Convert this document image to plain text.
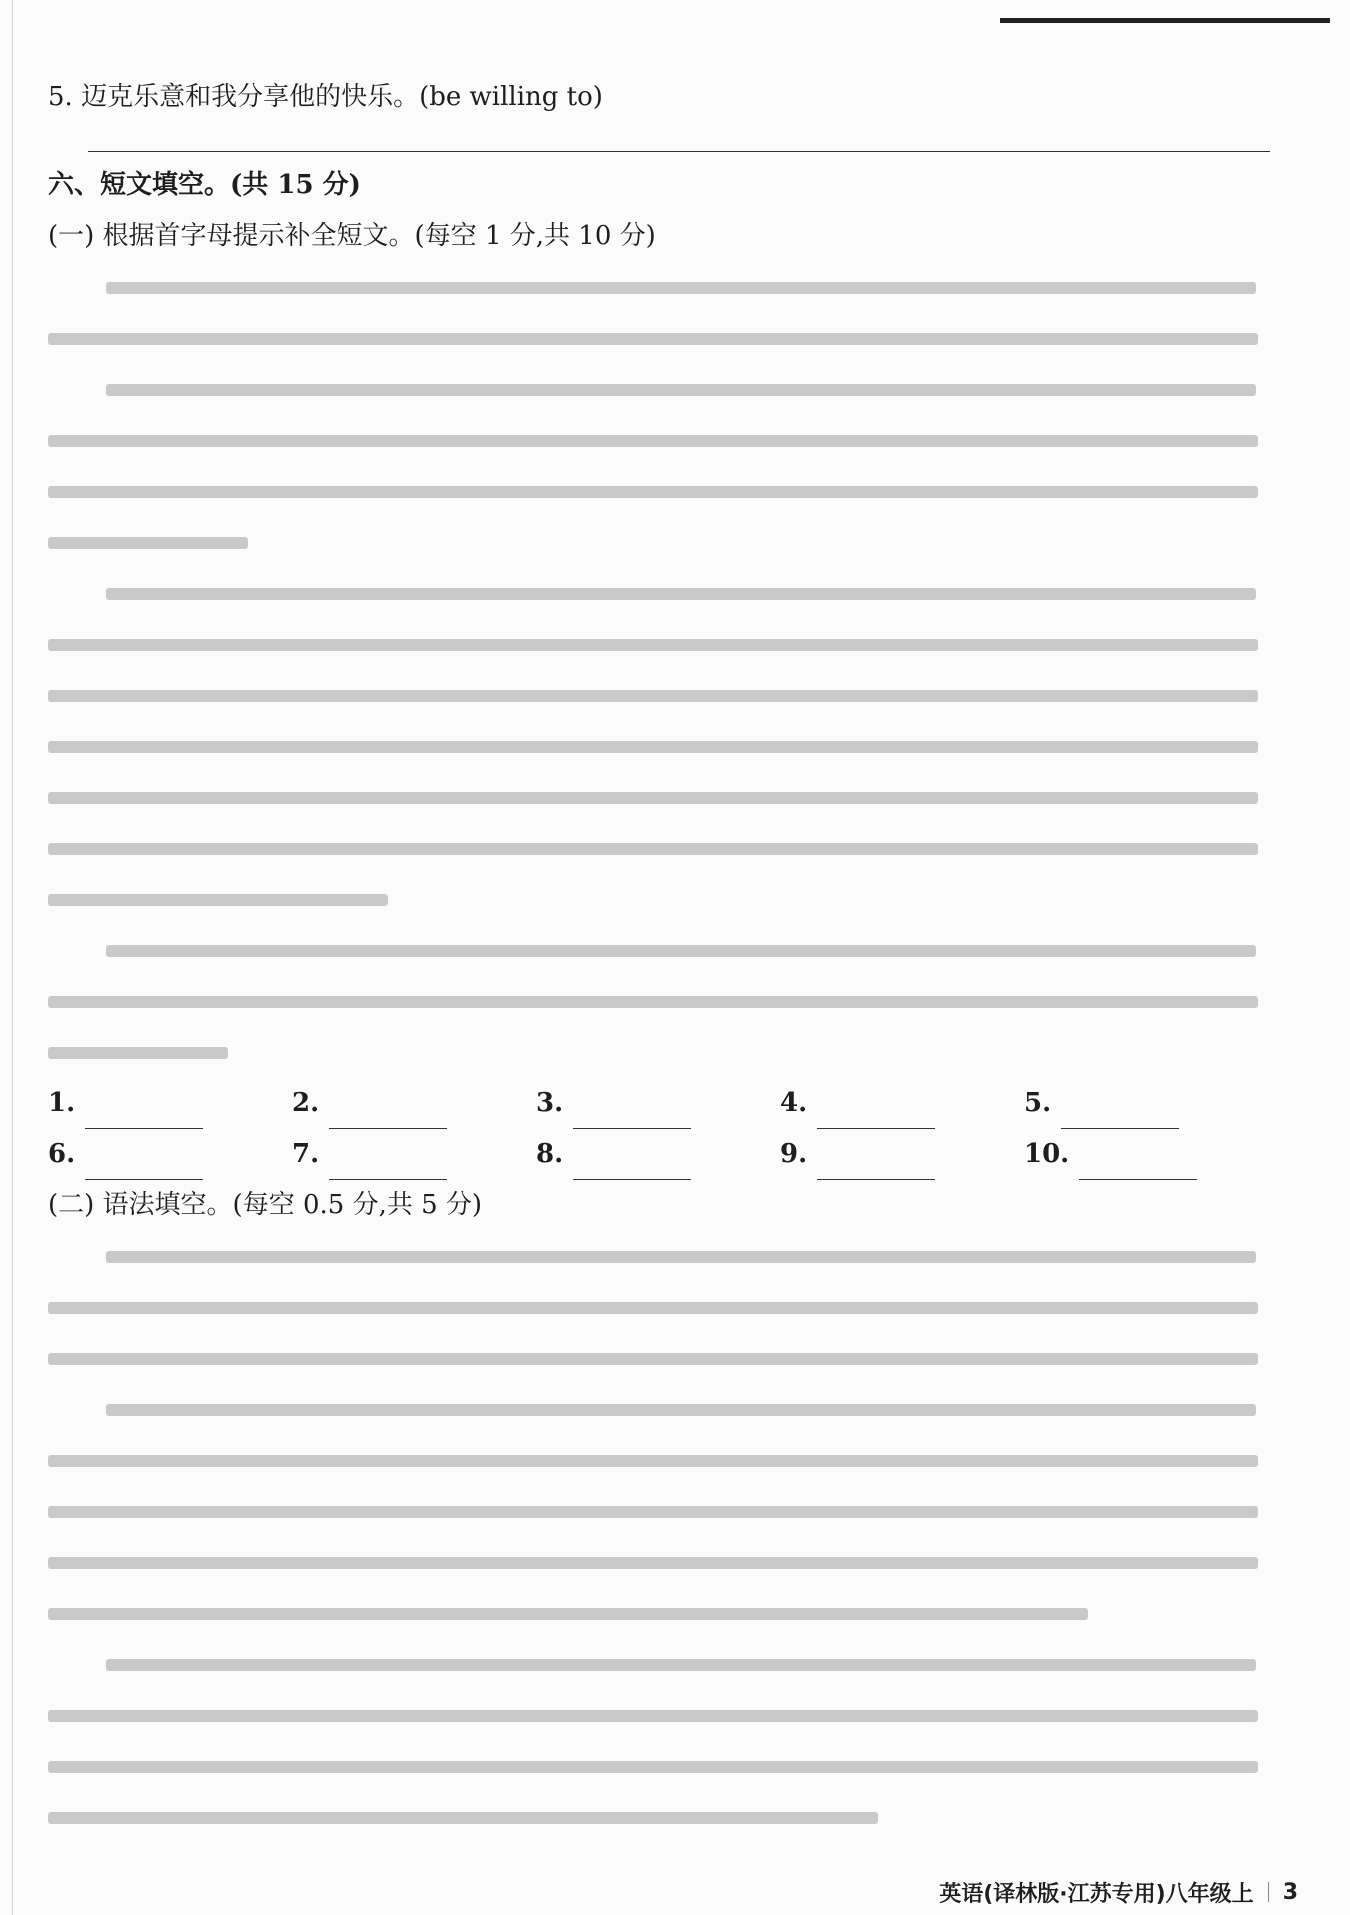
5. 迈克乐意和我分享他的快乐。(be willing to)
六、短文填空。(共 15 分)
(一) 根据首字母提示补全短文。(每空 1 分,共 10 分)
1.	2.	3.	4.	5.
6.	7.	8.	9.	10.
(二) 语法填空。(每空 0.5 分,共 5 分)
英语(译林版·江苏专用)八年级上 3
